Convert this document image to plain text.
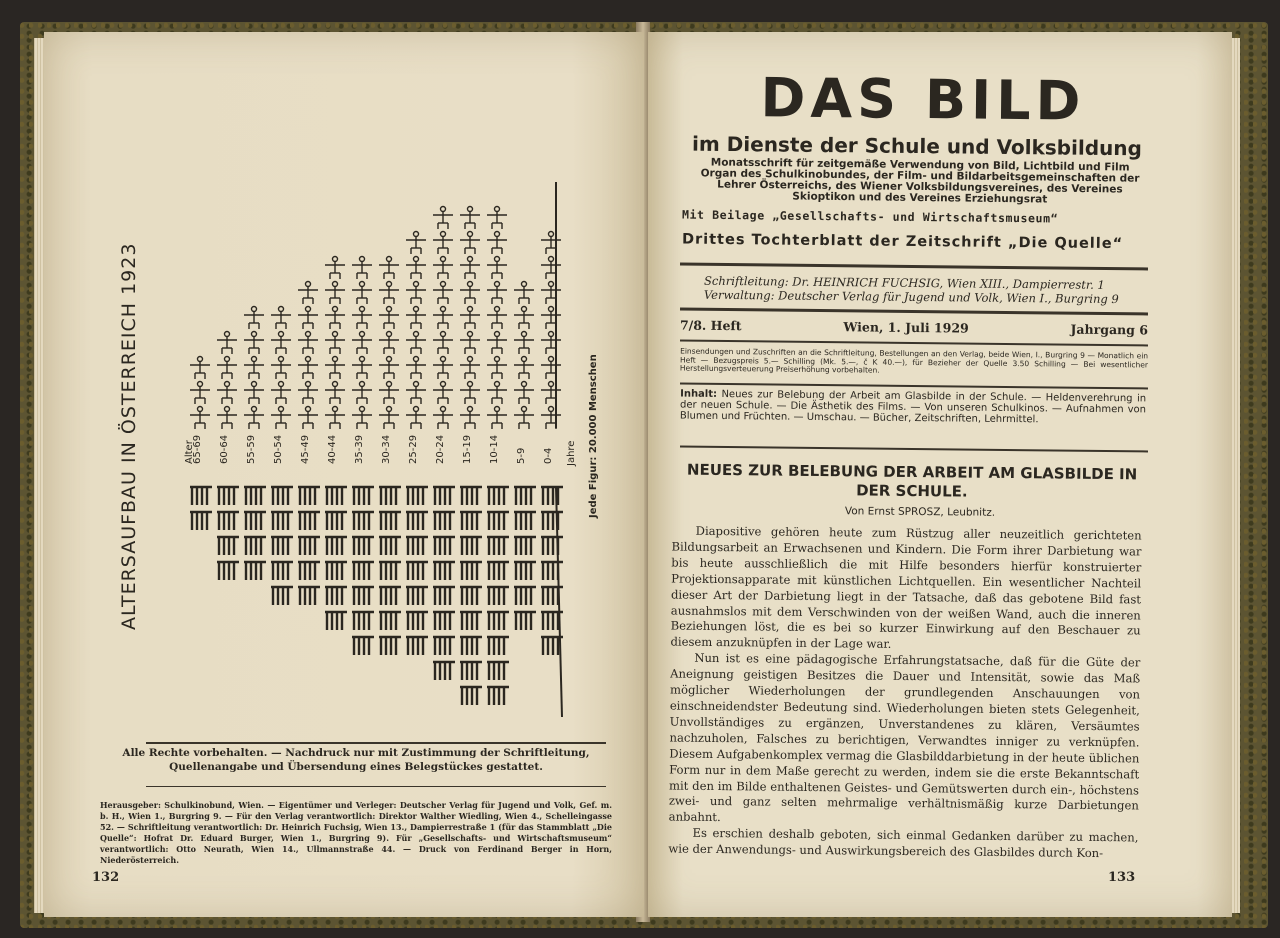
ALTERSAUFBAU IN ÖSTERREICH 1923	65-69 60-64 55-59 50-54 45-49 40-44 35-39 30-34 25-29 20-24 15-19 10-14 5-9 0-4
Alter	Jahre Jede Figur: 20.000 Menschen
Alle Rechte vorbehalten. — Nachdruck nur mit Zustimmung der Schriftleitung, Quellenangabe und Übersendung eines Belegstückes gestattet.
Herausgeber: Schulkinobund, Wien. — Eigentümer und Verleger: Deutscher Verlag für Jugend und Volk, Gef. m. b. H., Wien 1., Burgring 9. — Für den Verlag verantwortlich: Direktor Walther Wiedling, Wien 4., Schelleingasse 52. — Schriftleitung verantwortlich: Dr. Heinrich Fuchsig, Wien 13., Dampierrestraße 1 (für das Stammblatt „Die Quelle“: Hofrat Dr. Eduard Burger, Wien 1., Burgring 9). Für „Gesellschafts- und Wirtschaftsmuseum“ verantwortlich: Otto Neurath, Wien 14., Ullmannstraße 44. — Druck von Ferdinand Berger in Horn, Niederösterreich.
132
DAS BILD
im Dienste der Schule und Volksbildung
Monatsschrift für zeitgemäße Verwendung von Bild, Lichtbild und Film Organ des Schulkinobundes, der Film- und Bildarbeitsgemeinschaften der Lehrer Österreichs, des Wiener Volksbildungsvereines, des Vereines Skioptikon und des Vereines Erziehungsrat
Mit Beilage „Gesellschafts- und Wirtschaftsmuseum“
Drittes Tochterblatt der Zeitschrift „Die Quelle“
Schriftleitung: Dr. HEINRICH FUCHSIG, Wien XIII., Dampierrestr. 1
Verwaltung: Deutscher Verlag für Jugend und Volk, Wien I., Burgring 9
7/8. Heft	Wien, 1. Juli 1929	Jahrgang 6
Einsendungen und Zuschriften an die Schriftleitung, Bestellungen an den Verlag, beide Wien, I., Burgring 9 — Monatlich ein Heft — Bezugspreis 5.— Schilling (Mk. 5.—, č K 40.—), für Bezieher der Quelle 3.50 Schilling — Bei wesentlicher Herstellungsverteuerung Preiserhöhung vorbehalten.
Inhalt: Neues zur Belebung der Arbeit am Glasbilde in der Schule. — Heldenverehrung in der neuen Schule. — Die Ästhetik des Films. — Von unseren Schulkinos. — Aufnahmen von Blumen und Früchten. — Umschau. — Bücher, Zeitschriften, Lehrmittel.
NEUES ZUR BELEBUNG DER ARBEIT AM GLASBILDE IN DER SCHULE.
Von Ernst SPROSZ, Leubnitz.

Diapositive gehören heute zum Rüstzug aller neuzeitlich gerichteten Bildungsarbeit an Erwachsenen und Kindern. Die Form ihrer Darbietung war bis heute ausschließlich die mit Hilfe besonders hierfür konstruierter Projektionsapparate mit künstlichen Lichtquellen. Ein wesentlicher Nachteil dieser Art der Darbietung liegt in der Tatsache, daß das gebotene Bild fast ausnahmslos mit dem Verschwinden von der weißen Wand, auch die inneren Beziehungen löst, die es bei so kurzer Einwirkung auf den Beschauer zu diesem anzuknüpfen in der Lage war.

Nun ist es eine pädagogische Erfahrungstatsache, daß für die Güte der Aneignung geistigen Besitzes die Dauer und Intensität, sowie das Maß möglicher Wiederholungen der grundlegenden Anschauungen von einschneidendster Bedeutung sind. Wiederholungen bieten stets Gelegenheit, Unvollständiges zu ergänzen, Unverstandenes zu klären, Versäumtes nachzuholen, Falsches zu berichtigen, Verwandtes inniger zu verknüpfen. Diesem Aufgabenkomplex vermag die Glasbilddarbietung in der heute üblichen Form nur in dem Maße gerecht zu werden, indem sie die erste Bekanntschaft mit den im Bilde enthaltenen Geistes- und Gemütswerten durch ein-, höchstens zwei- und ganz selten mehrmalige verhältnismäßig kurze Darbietungen anbahnt.

Es erschien deshalb geboten, sich einmal Gedanken darüber zu machen, wie der Anwendungs- und Auswirkungsbereich des Glasbildes durch Kon-

133
